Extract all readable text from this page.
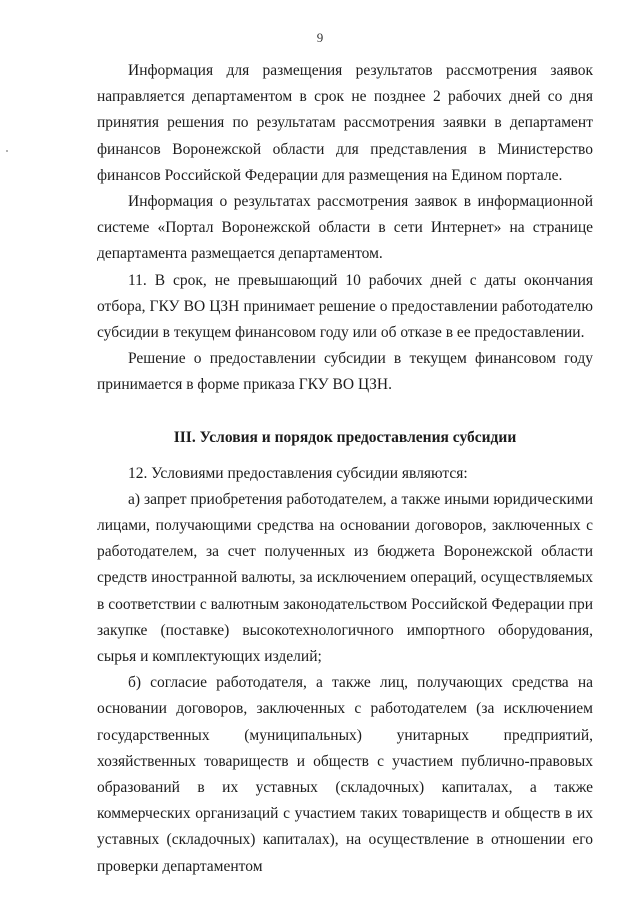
9

Информация для размещения результатов рассмотрения заявок направляется департаментом в срок не позднее 2 рабочих дней со дня принятия решения по результатам рассмотрения заявки в департамент финансов Воронежской области для представления в Министерство финансов Российской Федерации для размещения на Едином портале.

Информация о результатах рассмотрения заявок в информационной системе «Портал Воронежской области в сети Интернет» на странице департамента размещается департаментом.

11. В срок, не превышающий 10 рабочих дней с даты окончания отбора, ГКУ ВО ЦЗН принимает решение о предоставлении работодателю субсидии в текущем финансовом году или об отказе в ее предоставлении.

Решение о предоставлении субсидии в текущем финансовом году принимается в форме приказа ГКУ ВО ЦЗН.

III. Условия и порядок предоставления субсидии

12. Условиями предоставления субсидии являются:

а) запрет приобретения работодателем, а также иными юридическими лицами, получающими средства на основании договоров, заключенных с работодателем, за счет полученных из бюджета Воронежской области средств иностранной валюты, за исключением операций, осуществляемых в соответствии с валютным законодательством Российской Федерации при закупке (поставке) высокотехнологичного импортного оборудования, сырья и комплектующих изделий;

б) согласие работодателя, а также лиц, получающих средства на основании договоров, заключенных с работодателем (за исключением государственных (муниципальных) унитарных предприятий, хозяйственных товариществ и обществ с участием публично-правовых образований в их уставных (складочных) капиталах, а также коммерческих организаций с участием таких товариществ и обществ в их уставных (складочных) капиталах), на осуществление в отношении его проверки департаментом
